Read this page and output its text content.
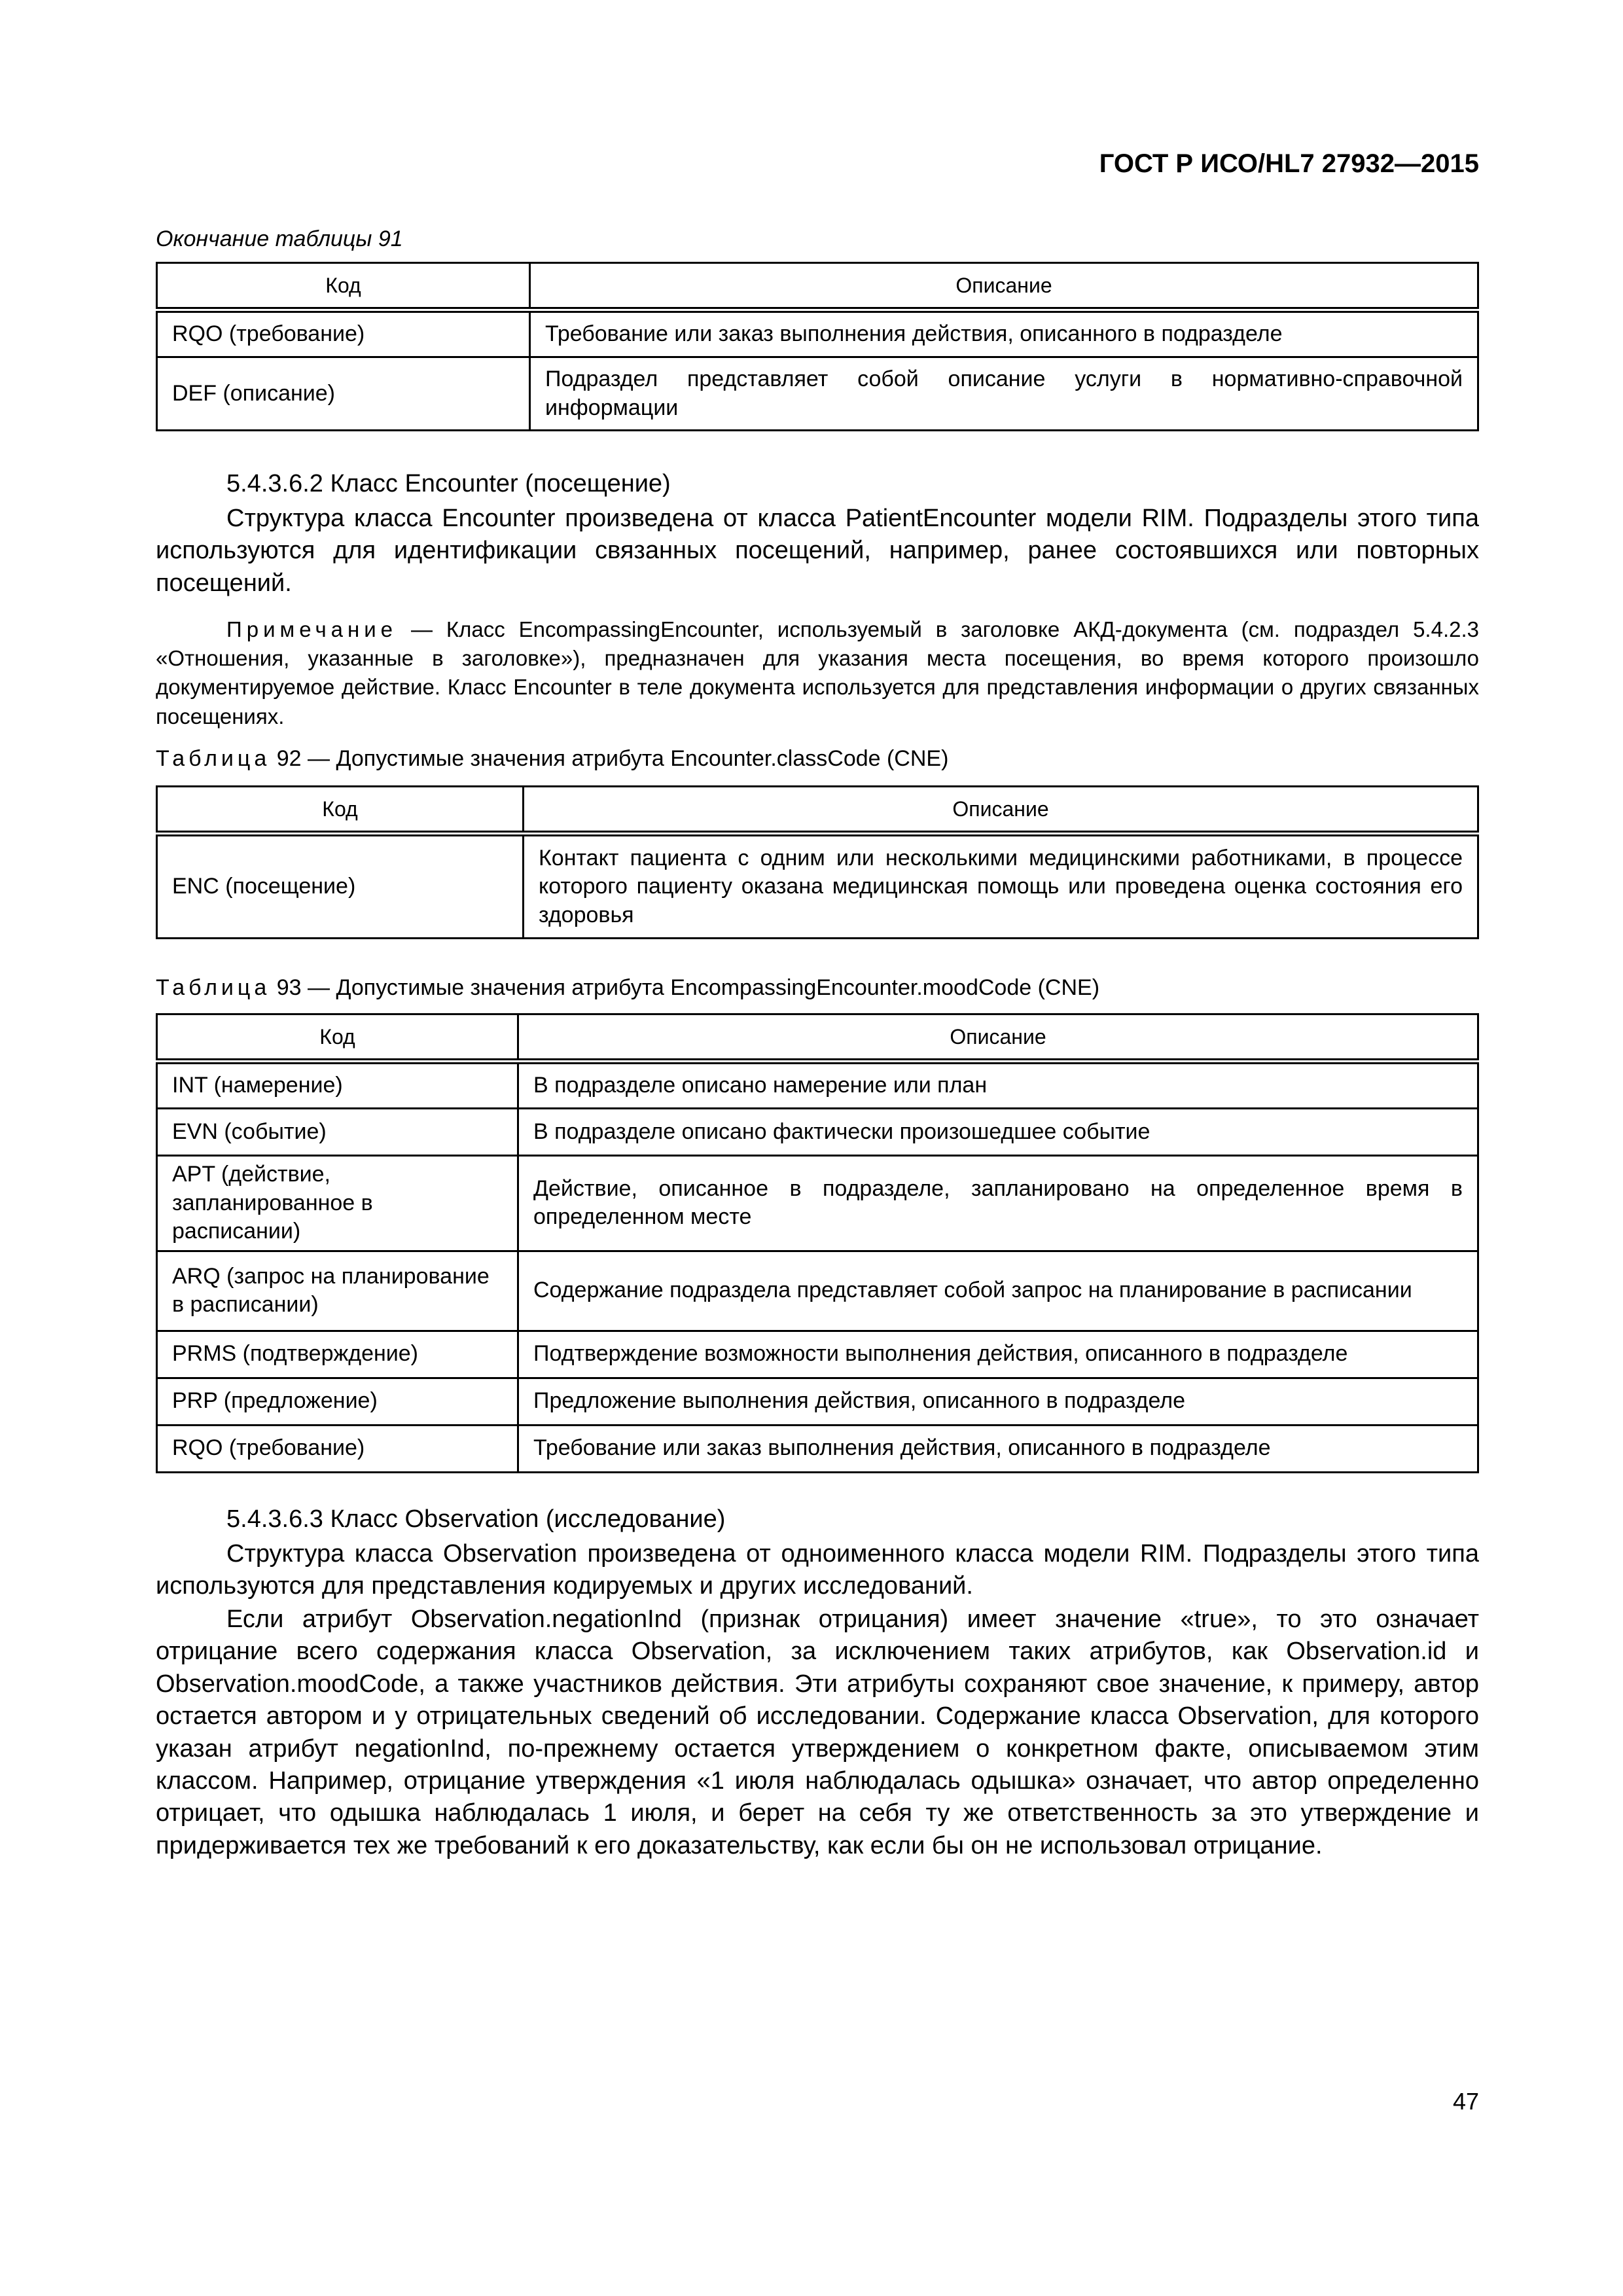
ГОСТ Р ИСО/HL7 27932—2015
Окончание таблицы 91
Код	Описание
RQO (требование)	Требование или заказ выполнения действия, описанного в подразделе
DEF (описание)	Подраздел представляет собой описание услуги в нормативно-справочной информации
5.4.3.6.2 Класс Encounter (посещение)
Структура класса Encounter произведена от класса PatientEncounter модели RIM. Подразделы этого типа используются для идентификации связанных посещений, например, ранее состоявшихся или повторных посещений.
Примечание — Класс EncompassingEncounter, используемый в заголовке АКД-документа (см. подраздел 5.4.2.3 «Отношения, указанные в заголовке»), предназначен для указания места посещения, во время которого произошло документируемое действие. Класс Encounter в теле документа используется для представления информации о других связанных посещениях.
Таблица 92 — Допустимые значения атрибута Encounter.classCode (CNE)
Код	Описание
ENC (посещение)	Контакт пациента с одним или несколькими медицинскими работниками, в процессе которого пациенту оказана медицинская помощь или проведена оценка состояния его здоровья
Таблица 93 — Допустимые значения атрибута EncompassingEncounter.moodCode (CNE)
Код	Описание
INT (намерение)	В подразделе описано намерение или план
EVN (событие)	В подразделе описано фактически произошедшее событие
APT (действие, запланированное в расписании)	Действие, описанное в подразделе, запланировано на определенное время в определенном месте
ARQ (запрос на планирование в расписании)	Содержание подраздела представляет собой запрос на планирование в расписании
PRMS (подтверждение)	Подтверждение возможности выполнения действия, описанного в подразделе
PRP (предложение)	Предложение выполнения действия, описанного в подразделе
RQO (требование)	Требование или заказ выполнения действия, описанного в подразделе
5.4.3.6.3 Класс Observation (исследование)
Структура класса Observation произведена от одноименного класса модели RIM. Подразделы этого типа используются для представления кодируемых и других исследований.
Если атрибут Observation.negationInd (признак отрицания) имеет значение «true», то это означает отрицание всего содержания класса Observation, за исключением таких атрибутов, как Observation.id и Observation.moodCode, а также участников действия. Эти атрибуты сохраняют свое значение, к примеру, автор остается автором и у отрицательных сведений об исследовании. Содержание класса Observation, для которого указан атрибут negationInd, по-прежнему остается утверждением о конкретном факте, описываемом этим классом. Например, отрицание утверждения «1 июля наблюдалась одышка» означает, что автор определенно отрицает, что одышка наблюдалась 1 июля, и берет на себя ту же ответственность за это утверждение и придерживается тех же требований к его доказательству, как если бы он не использовал отрицание.
47
